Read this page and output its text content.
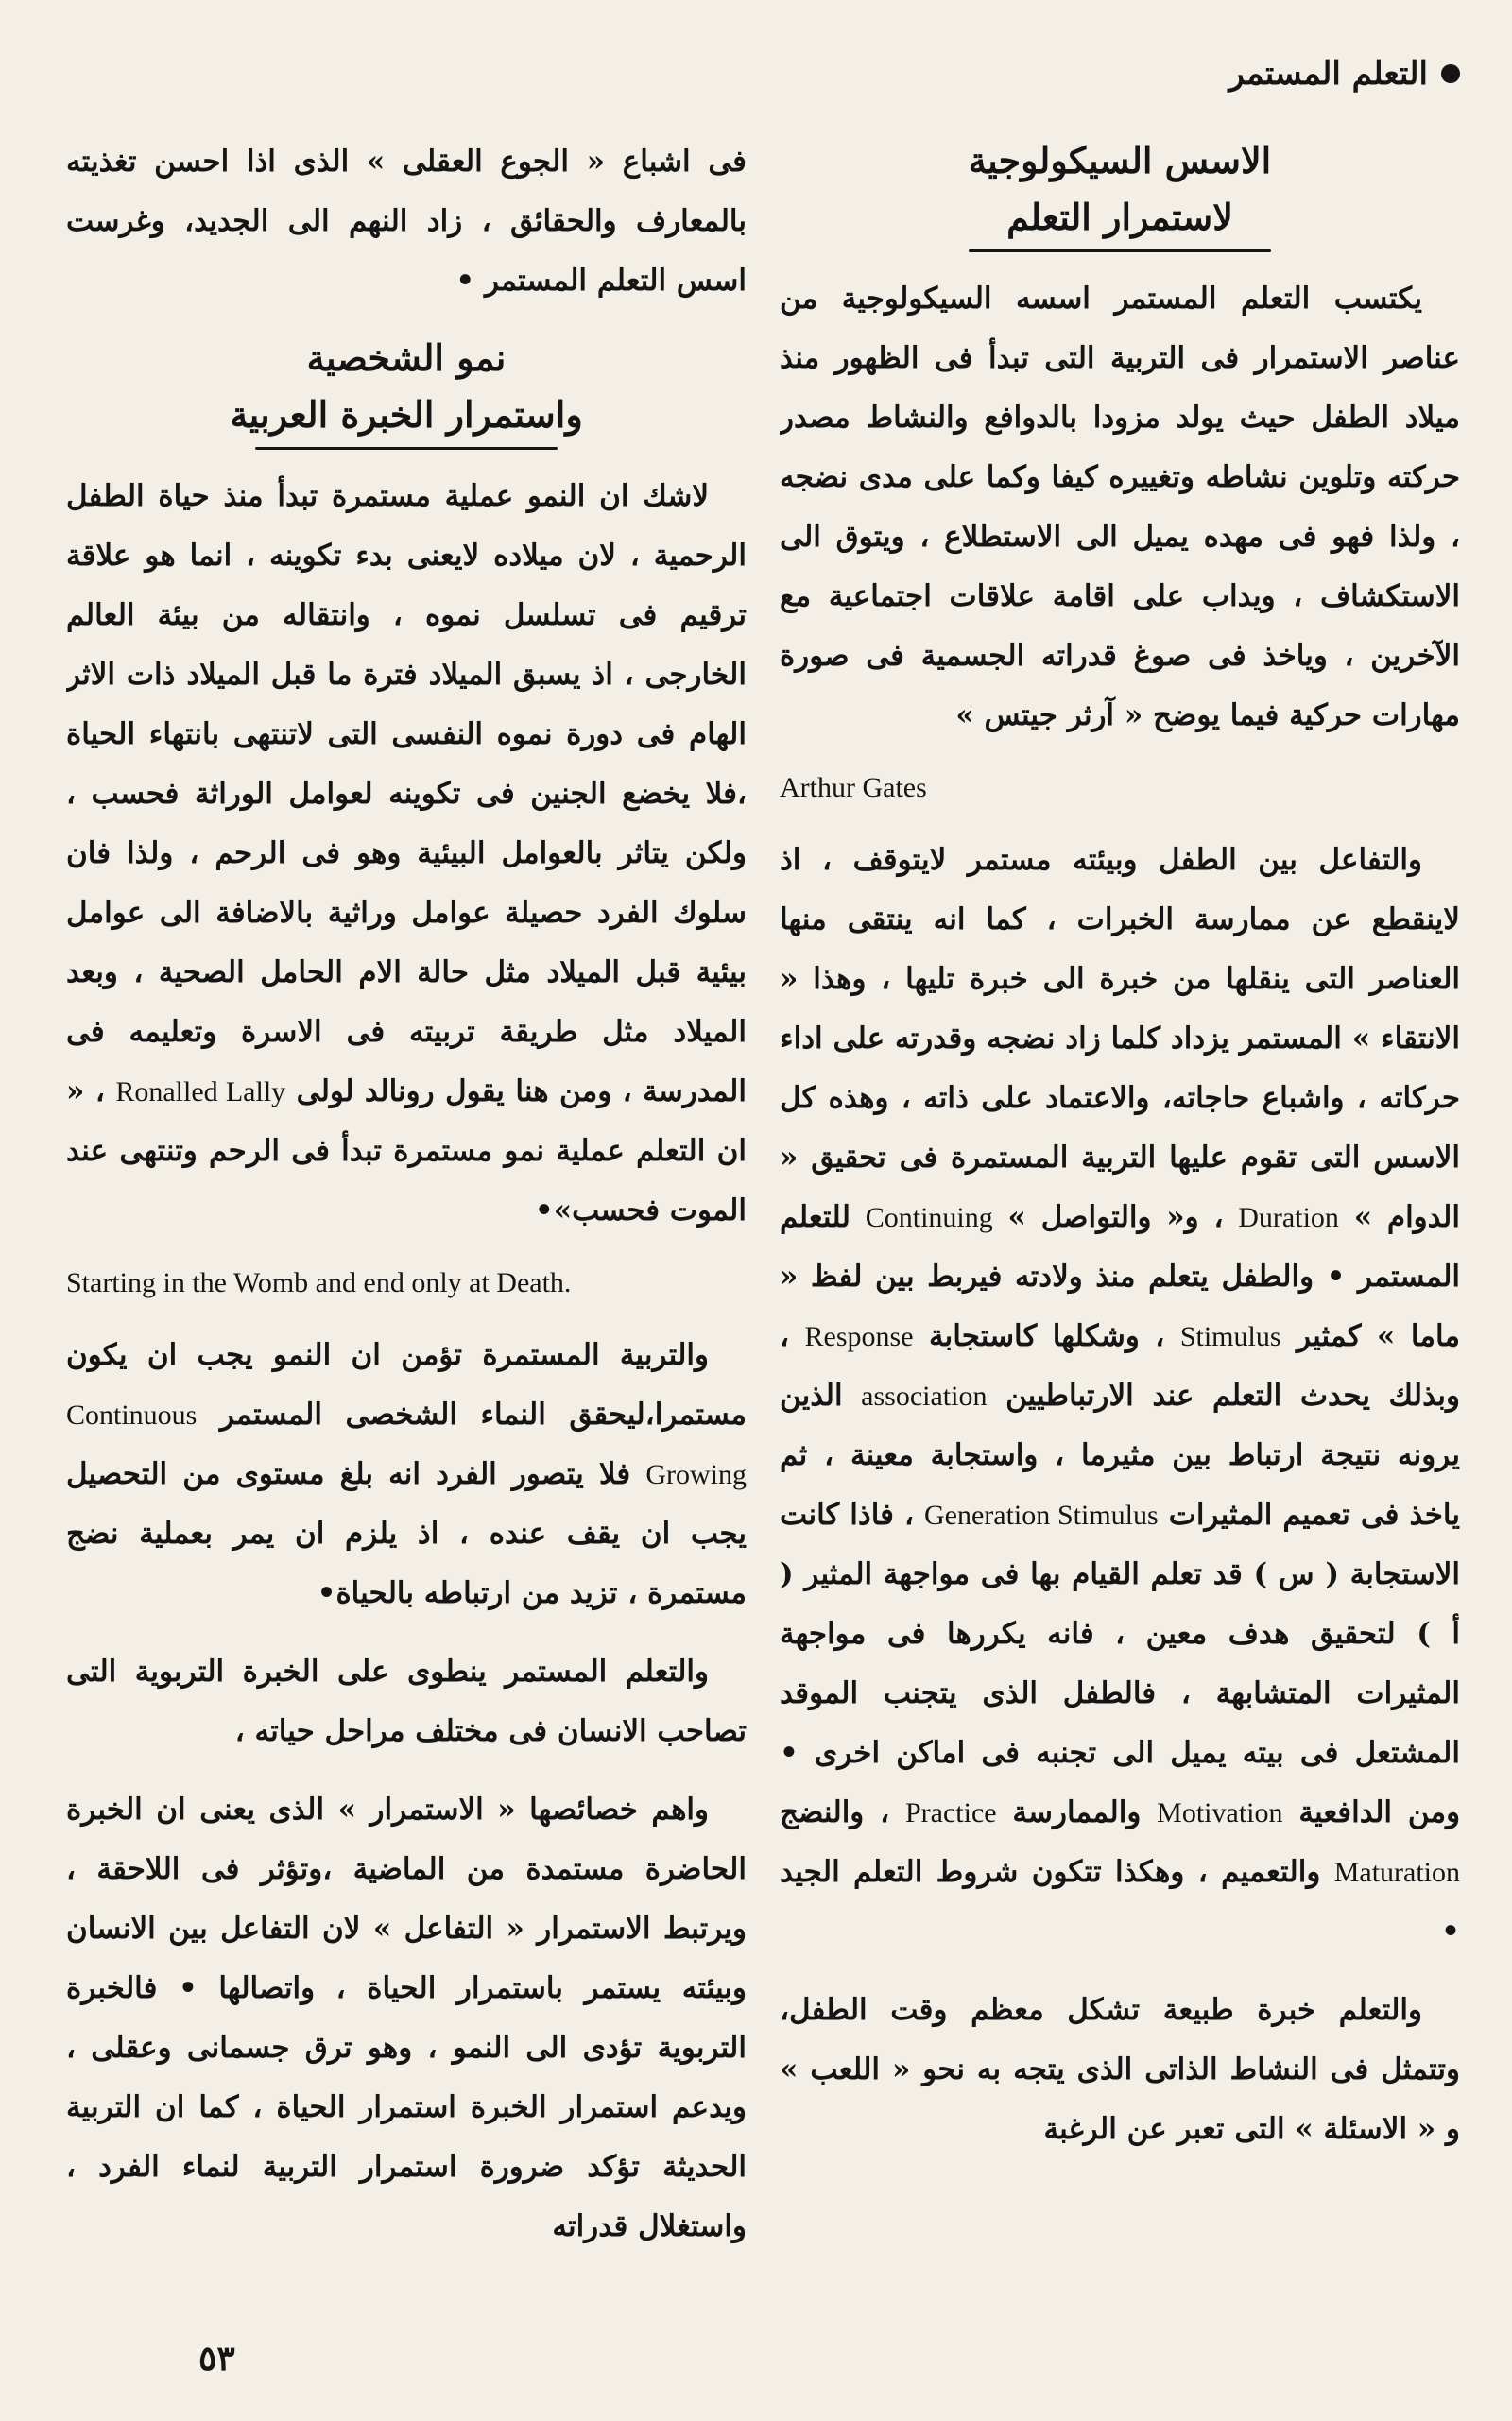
التعلم المستمر
الاسس السيكولوجية
لاستمرار التعلم

يكتسب التعلم المستمر اسسه السيكولوجية من عناصر الاستمرار فى التربية التى تبدأ فى الظهور منذ ميلاد الطفل حيث يولد مزودا بالدوافع والنشاط مصدر حركته وتلوين نشاطه وتغييره كيفا وكما على مدى نضجه ، ولذا فهو فى مهده يميل الى الاستطلاع ، ويتوق الى الاستكشاف ، ويداب على اقامة علاقات اجتماعية مع الآخرين ، وياخذ فى صوغ قدراته الجسمية فى صورة مهارات حركية فيما يوضح « آرثر جيتس »

Arthur Gates

والتفاعل بين الطفل وبيئته مستمر لايتوقف ، اذ لاينقطع عن ممارسة الخبرات ، كما انه ينتقى منها العناصر التى ينقلها من خبرة الى خبرة تليها ، وهذا « الانتقاء » المستمر يزداد كلما زاد نضجه وقدرته على اداء حركاته ، واشباع حاجاته، والاعتماد على ذاته ، وهذه كل الاسس التى تقوم عليها التربية المستمرة فى تحقيق « الدوام » Duration ، و« والتواصل » Continuing للتعلم المستمر • والطفل يتعلم منذ ولادته فيربط بين لفظ « ماما » كمثير Stimulus ، وشكلها كاستجابة Response ، وبذلك يحدث التعلم عند الارتباطيين association الذين يرونه نتيجة ارتباط بين مثيرما ، واستجابة معينة ، ثم ياخذ فى تعميم المثيرات Generation Stimulus ، فاذا كانت الاستجابة ( س ) قد تعلم القيام بها فى مواجهة المثير ( أ ) لتحقيق هدف معين ، فانه يكررها فى مواجهة المثيرات المتشابهة ، فالطفل الذى يتجنب الموقد المشتعل فى بيته يميل الى تجنبه فى اماكن اخرى • ومن الدافعية Motivation والممارسة Practice ، والنضج Maturation والتعميم ، وهكذا تتكون شروط التعلم الجيد •

والتعلم خبرة طبيعة تشكل معظم وقت الطفل، وتتمثل فى النشاط الذاتى الذى يتجه به نحو « اللعب » و « الاسئلة » التى تعبر عن الرغبة

فى اشباع « الجوع العقلى » الذى اذا احسن تغذيته بالمعارف والحقائق ، زاد النهم الى الجديد، وغرست اسس التعلم المستمر •

نمو الشخصية
واستمرار الخبرة العربية

لاشك ان النمو عملية مستمرة تبدأ منذ حياة الطفل الرحمية ، لان ميلاده لايعنى بدء تكوينه ، انما هو علاقة ترقيم فى تسلسل نموه ، وانتقاله من بيئة العالم الخارجى ، اذ يسبق الميلاد فترة ما قبل الميلاد ذات الاثر الهام فى دورة نموه النفسى التى لاتنتهى بانتهاء الحياة ،فلا يخضع الجنين فى تكوينه لعوامل الوراثة فحسب ، ولكن يتاثر بالعوامل البيئية وهو فى الرحم ، ولذا فان سلوك الفرد حصيلة عوامل وراثية بالاضافة الى عوامل بيئية قبل الميلاد مثل حالة الام الحامل الصحية ، وبعد الميلاد مثل طريقة تربيته فى الاسرة وتعليمه فى المدرسة ، ومن هنا يقول رونالد لولى Ronalled Lally ، « ان التعلم عملية نمو مستمرة تبدأ فى الرحم وتنتهى عند الموت فحسب»•

Starting in the Womb and end only at Death.

والتربية المستمرة تؤمن ان النمو يجب ان يكون مستمرا،ليحقق النماء الشخصى المستمر Continuous Growing فلا يتصور الفرد انه بلغ مستوى من التحصيل يجب ان يقف عنده ، اذ يلزم ان يمر بعملية نضج مستمرة ، تزيد من ارتباطه بالحياة•

والتعلم المستمر ينطوى على الخبرة التربوية التى تصاحب الانسان فى مختلف مراحل حياته ،

واهم خصائصها « الاستمرار » الذى يعنى ان الخبرة الحاضرة مستمدة من الماضية ،وتؤثر فى اللاحقة ، ويرتبط الاستمرار « التفاعل » لان التفاعل بين الانسان وبيئته يستمر باستمرار الحياة ، واتصالها • فالخبرة التربوية تؤدى الى النمو ، وهو ترق جسمانى وعقلى ، ويدعم استمرار الخبرة استمرار الحياة ، كما ان التربية الحديثة تؤكد ضرورة استمرار التربية لنماء الفرد ، واستغلال قدراته

٥٣
